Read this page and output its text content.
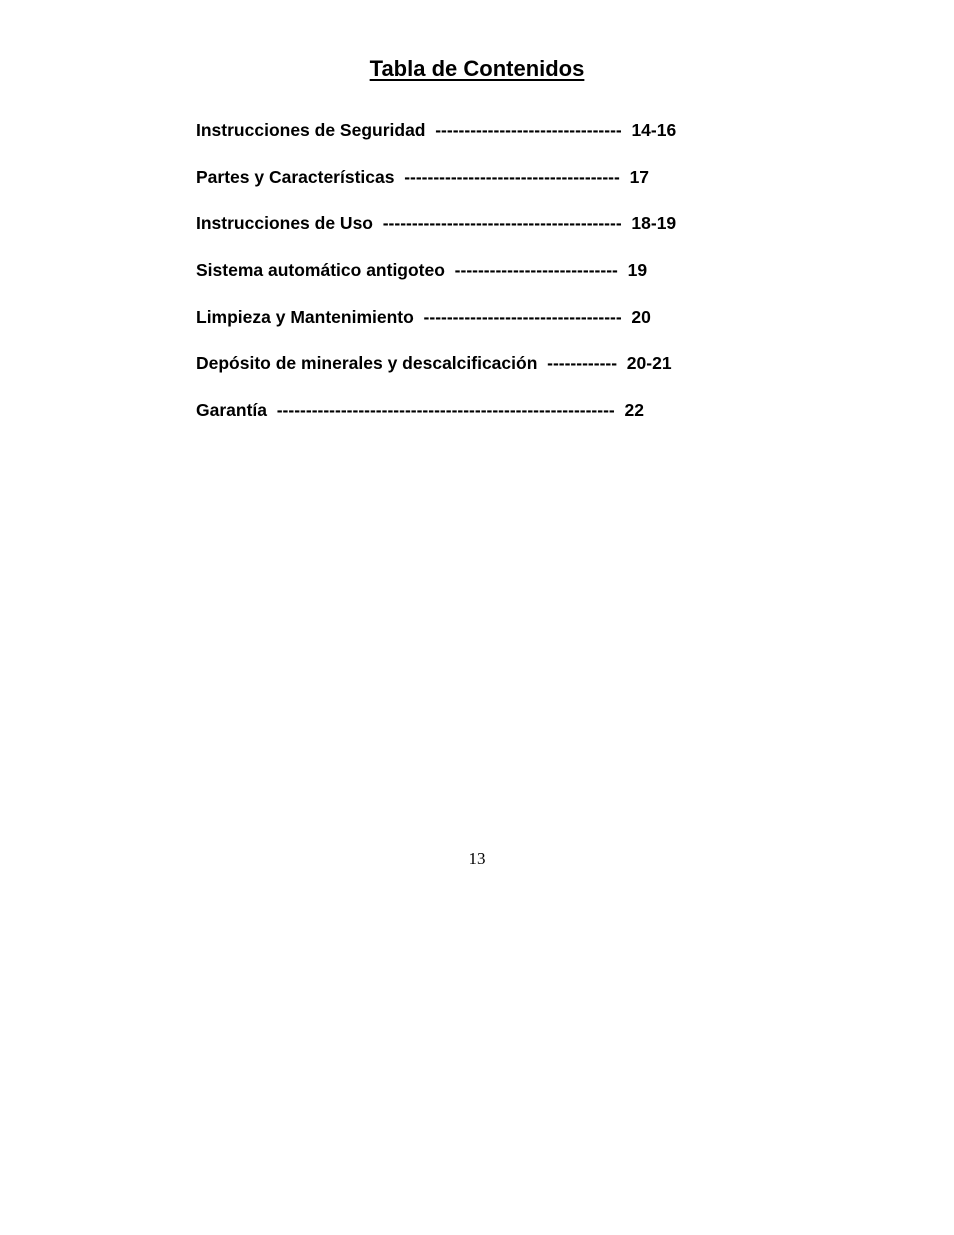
Tabla de Contenidos
Instrucciones de Seguridad -------------------------------- 14-16
Partes y Características ------------------------------------- 17
Instrucciones de Uso ----------------------------------------- 18-19
Sistema automático antigoteo ---------------------------- 19
Limpieza y Mantenimiento ---------------------------------- 20
Depósito de minerales y descalcificación ------------ 20-21
Garantía ---------------------------------------------------------- 22
13
